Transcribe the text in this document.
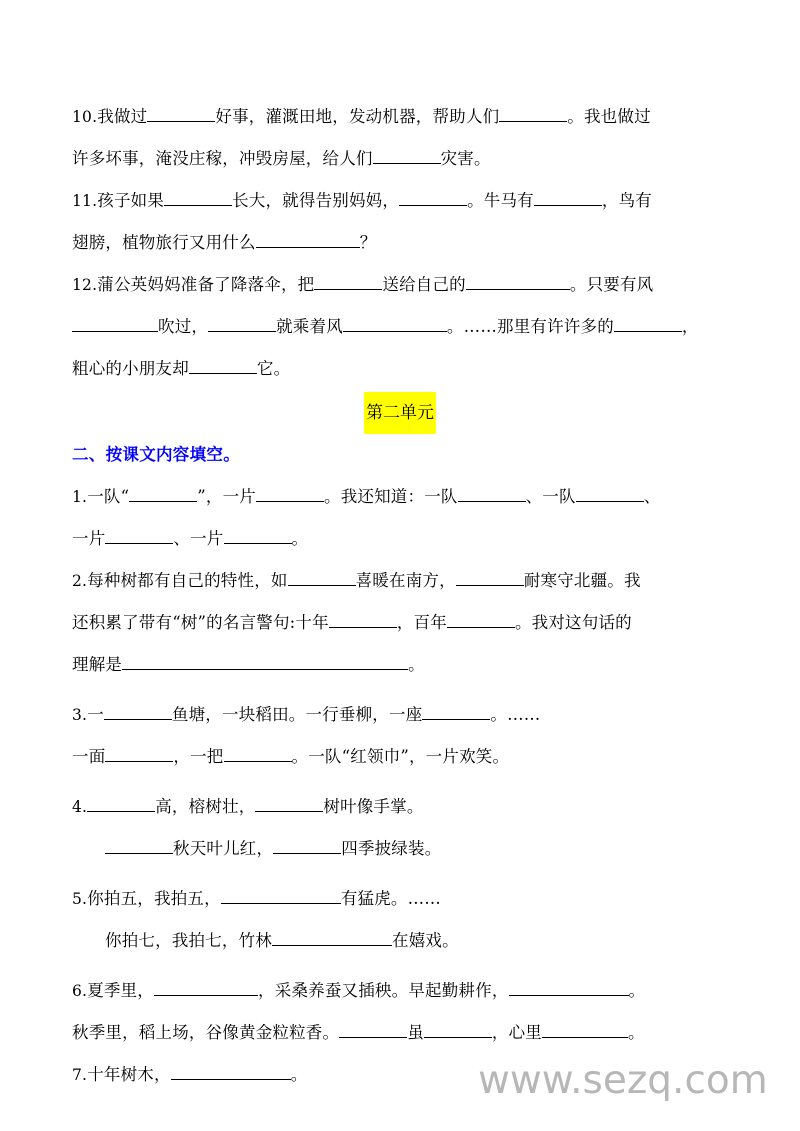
10.我做过	好事，灌溉田地，发动机器，帮助人们	。我也做过
许多坏事，淹没庄稼，冲毁房屋，给人们	灾害。
11.孩子如果	长大，就得告别妈妈，	。牛马有	，鸟有
翅膀，植物旅行又用什么	？
12.蒲公英妈妈准备了降落伞，把	送给自己的	。只要有风
吹过，	就乘着风	。……那里有许许多的	，
粗心的小朋友却	它。
第二单元
二、按课文内容填空。
1.一队“	”，一片	。我还知道：一队	、一队	、
一片	、一片	。
2.每种树都有自己的特性，如	喜暖在南方，	耐寒守北疆。我
还积累了带有“树”的名言警句:十年	，百年	。我对这句话的
理解是	。
3.一	鱼塘，一块稻田。一行垂柳，一座	。……
一面	，一把	。一队“红领巾”，一片欢笑。
4.	高，榕树壮，	树叶像手掌。
秋天叶儿红，	四季披绿装。
5.你拍五，我拍五，	有猛虎。……
你拍七，我拍七，竹林	在嬉戏。
6.夏季里，	，采桑养蚕又插秧。早起勤耕作，	。
秋季里，稻上场，谷像黄金粒粒香。	虽	，心里	。
7.十年树木，	。	www.sezq.com
